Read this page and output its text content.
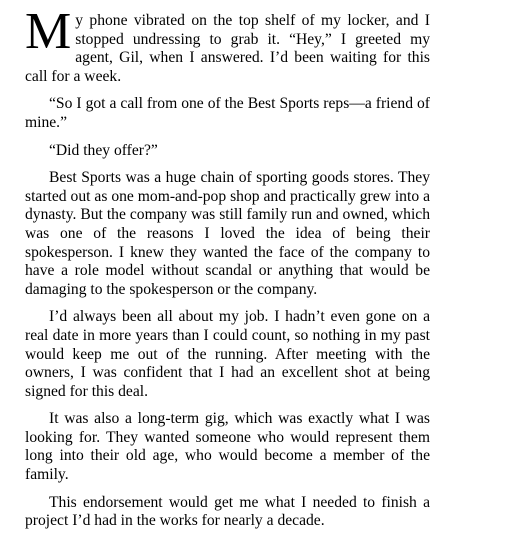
My phone vibrated on the top shelf of my locker, and I stopped undressing to grab it. “Hey,” I greeted my agent, Gil, when I answered. I’d been waiting for this call for a week.

“So I got a call from one of the Best Sports reps—a friend of mine.”

“Did they offer?”

Best Sports was a huge chain of sporting goods stores. They started out as one mom-and-pop shop and practically grew into a dynasty. But the company was still family run and owned, which was one of the reasons I loved the idea of being their spokesperson. I knew they wanted the face of the company to have a role model without scandal or anything that would be damaging to the spokesperson or the company.

I’d always been all about my job. I hadn’t even gone on a real date in more years than I could count, so nothing in my past would keep me out of the running. After meeting with the owners, I was confident that I had an excellent shot at being signed for this deal.

It was also a long-term gig, which was exactly what I was looking for. They wanted someone who would represent them long into their old age, who would become a member of the family.

This endorsement would get me what I needed to finish a project I’d had in the works for nearly a decade.
